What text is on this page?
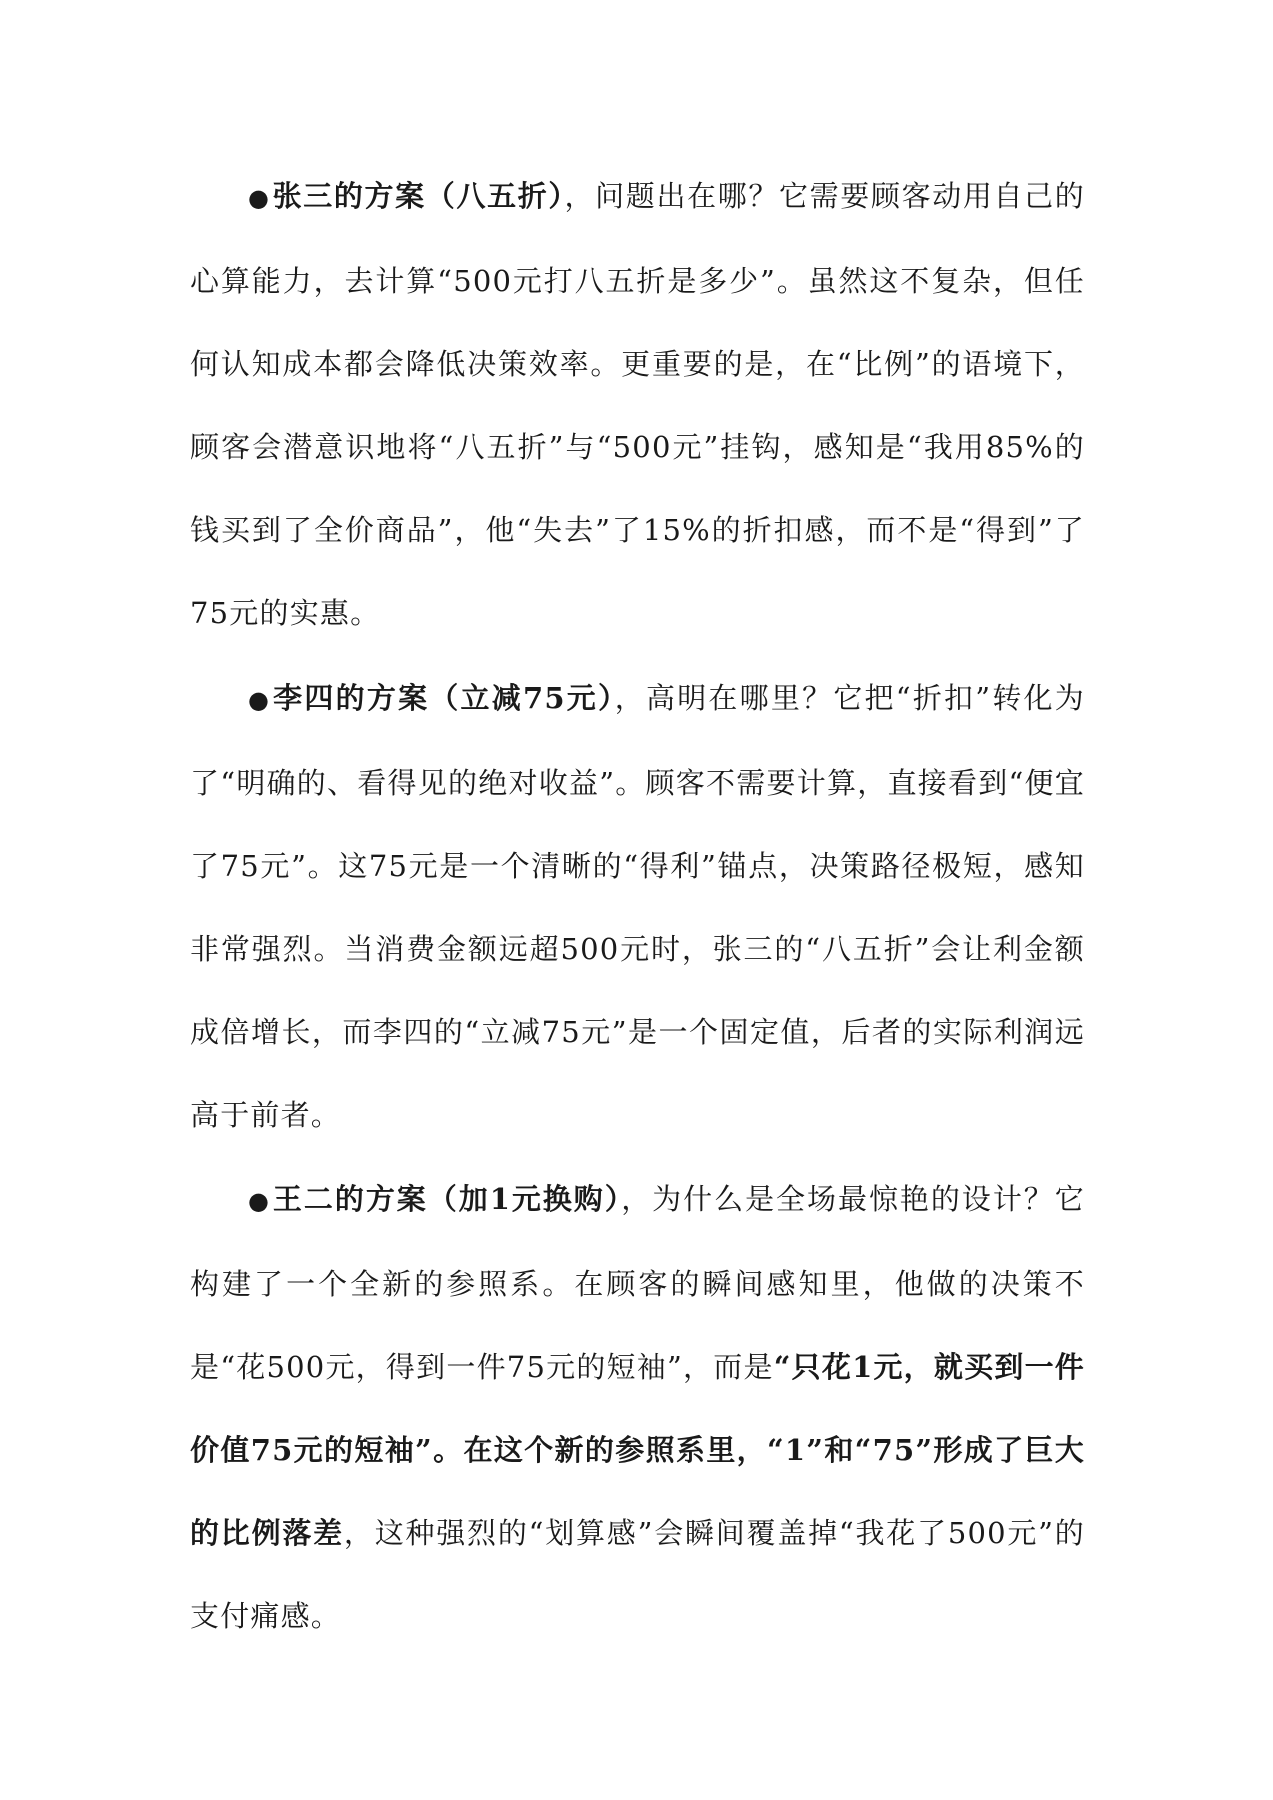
●张三的方案（八五折），问题出在哪？它需要顾客动用自己的心算能力，去计算“500元打八五折是多少”。虽然这不复杂，但任何认知成本都会降低决策效率。更重要的是，在“比例”的语境下，顾客会潜意识地将“八五折”与“500元”挂钩，感知是“我用85%的钱买到了全价商品”，他“失去”了15%的折扣感，而不是“得到”了75元的实惠。

●李四的方案（立减75元），高明在哪里？它把“折扣”转化为了“明确的、看得见的绝对收益”。顾客不需要计算，直接看到“便宜了75元”。这75元是一个清晰的“得利”锚点，决策路径极短，感知非常强烈。当消费金额远超500元时，张三的“八五折”会让利金额成倍增长，而李四的“立减75元”是一个固定值，后者的实际利润远高于前者。

●王二的方案（加1元换购），为什么是全场最惊艳的设计？它构建了一个全新的参照系。在顾客的瞬间感知里，他做的决策不是“花500元，得到一件75元的短袖”，而是“只花1元，就买到一件价值75元的短袖”。在这个新的参照系里，“1”和“75”形成了巨大的比例落差，这种强烈的“划算感”会瞬间覆盖掉“我花了500元”的支付痛感。
